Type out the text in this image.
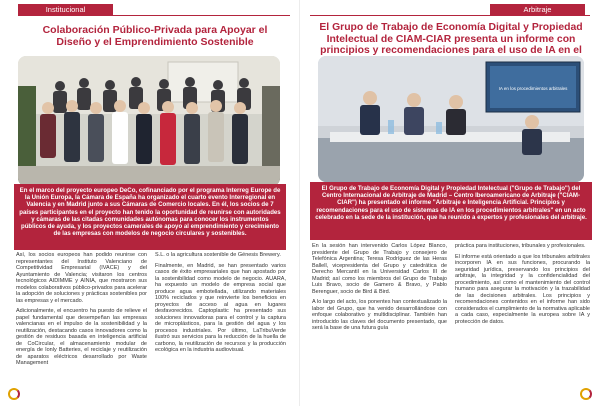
Institucional
Colaboración Público-Privada para Apoyar el Diseño y el Emprendimiento Sostenible
En el marco del proyecto europeo DeCo, cofinanciado por el programa Interreg Europe de la Unión Europa, la Cámara de España ha organizado el cuarto evento Interregional en Valencia y en Madrid junto a sus Cámaras de Comercio locales. En él, los socios de 7 países participantes en el proyecto han tenido la oportunidad de reunirse con autoridades y cámaras de las citadas comunidades autónomas para conocer los instrumentos públicos de ayuda, y los proyectos camerales de apoyo al emprendimiento y crecimiento de las empresas con modelos de negocio circulares y sostenibles.

Así, los socios europeos han podido reunirse con representantes del Instituto Valenciano de Competitividad Empresarial (IVACE) y del Ayuntamiento de Valencia; visitaron los centros tecnológicos AIDIMME y AINIA, que mostraron sus modelos colaborativos público-privados para acelerar la adopción de soluciones y prácticas sostenibles por las empresas y el mercado.

Adicionalmente, el encuentro ha puesto de relieve el papel fundamental que desempeñan las empresas valencianas en el impulso de la sostenibilidad y la reutilización, destacando casos innovadores como la gestión de residuos basada en inteligencia artificial de CoCircular, el almacenamiento modular de energía de Ionly Batteries, el reciclaje y reutilización de aparatos eléctricos desarrollado por Waste Management

S.L. o la agricultura sostenible de Génesis Brewery.

Finalmente, en Madrid, se han presentado varios casos de éxito empresariales que han apostado por la sostenibilidad como modelo de negocio. AUARA, ha expuesto un modelo de empresa social que produce agua embotellada, utilizando materiales 100% reciclados y que reinvierte los beneficios en proyectos de acceso al agua en lugares desfavorecidos. Captoplastic ha presentado sus soluciones innovadoras para el control y la captura de microplásticos, para la gestión del agua y los procesos industriales. Por último, LaTribuVerde ilustró sus servicios para la reducción de la huella de carbono, la reutilización de recursos y la producción ecológica en la industria audiovisual.

Arbitraje
El Grupo de Trabajo de Economía Digital y Propiedad Intelectual de CIAM-CIAR presenta un informe con principios y recomendaciones para el uso de IA en el
IA en los procedimientos arbitrales
El Grupo de Trabajo de Economía Digital y Propiedad Intelectual ("Grupo de Trabajo") del Centro Internacional de Arbitraje de Madrid – Centro Iberoamericano de Arbitraje ("CIAM-CIAR") ha presentado el informe "Arbitraje e Inteligencia Artificial. Principios y recomendaciones para el uso de sistemas de IA en los procedimientos arbitrales" en un acto celebrado en la sede de la institución, que ha reunido a expertos y profesionales del arbitraje.

En la sesión han intervenido Carlos López Blanco, presidente del Grupo de Trabajo y consejero de Telefónica Argentina; Teresa Rodríguez de las Heras Ballell, vicepresidenta del Grupo y catedrática de Derecho Mercantil en la Universidad Carlos III de Madrid; así como los miembros del Grupo de Trabajo Luis Bravo, socio de Gamero & Bravo, y Pablo Berenguer, socio de Bird & Bird.

A lo largo del acto, los ponentes han contextualizado la labor del Grupo, que ha venido desarrollándose con enfoque colaborativo y multidisciplinar. También han introducido las claves del documento presentado, que será la base de una futura guía

práctica para instituciones, tribunales y profesionales.

El informe está orientado a que los tribunales arbitrales incorporen IA en sus funciones, procurando la seguridad jurídica, preservando los principios del arbitraje, la integridad y la confidencialidad del procedimiento, así como el mantenimiento del control humano para asegurar la motivación y la trazabilidad de las decisiones arbitrales. Los principios y recomendaciones contenidos en el informe han sido considerados el cumplimiento de la normativa aplicable a cada caso, especialmente la europea sobre IA y protección de datos.
